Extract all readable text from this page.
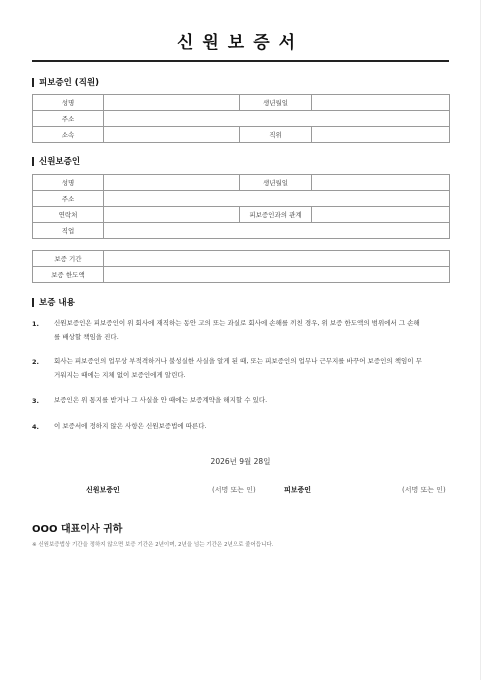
신원보증서
피보증인 (직원)
성명		생년월일	
주소			
소속		직위	
신원보증인
성명		생년월일	
주소			
연락처		피보증인과의 관계	
직업			
보증 기간	
보증 한도액	
보증 내용
1.	신원보증인은 피보증인이 위 회사에 재직하는 동안 고의 또는 과실로 회사에 손해를 끼친 경우, 위 보증 한도액의 범위에서 그 손해를 배상할 책임을 진다.
2.	회사는 피보증인의 업무상 부적격하거나 불성실한 사실을 알게 된 때, 또는 피보증인의 업무나 근무지를 바꾸어 보증인의 책임이 무거워지는 때에는 지체 없이 보증인에게 알린다.
3.	보증인은 위 통지를 받거나 그 사실을 안 때에는 보증계약을 해지할 수 있다.
4.	이 보증서에 정하지 않은 사항은 신원보증법에 따른다.
2026년 9월 28일
신원보증인	(서명 또는 인)	피보증인	(서명 또는 인)
OOO 대표이사 귀하
※ 신원보증법상 기간을 정하지 않으면 보증 기간은 2년이며, 2년을 넘는 기간은 2년으로 줄어듭니다.
